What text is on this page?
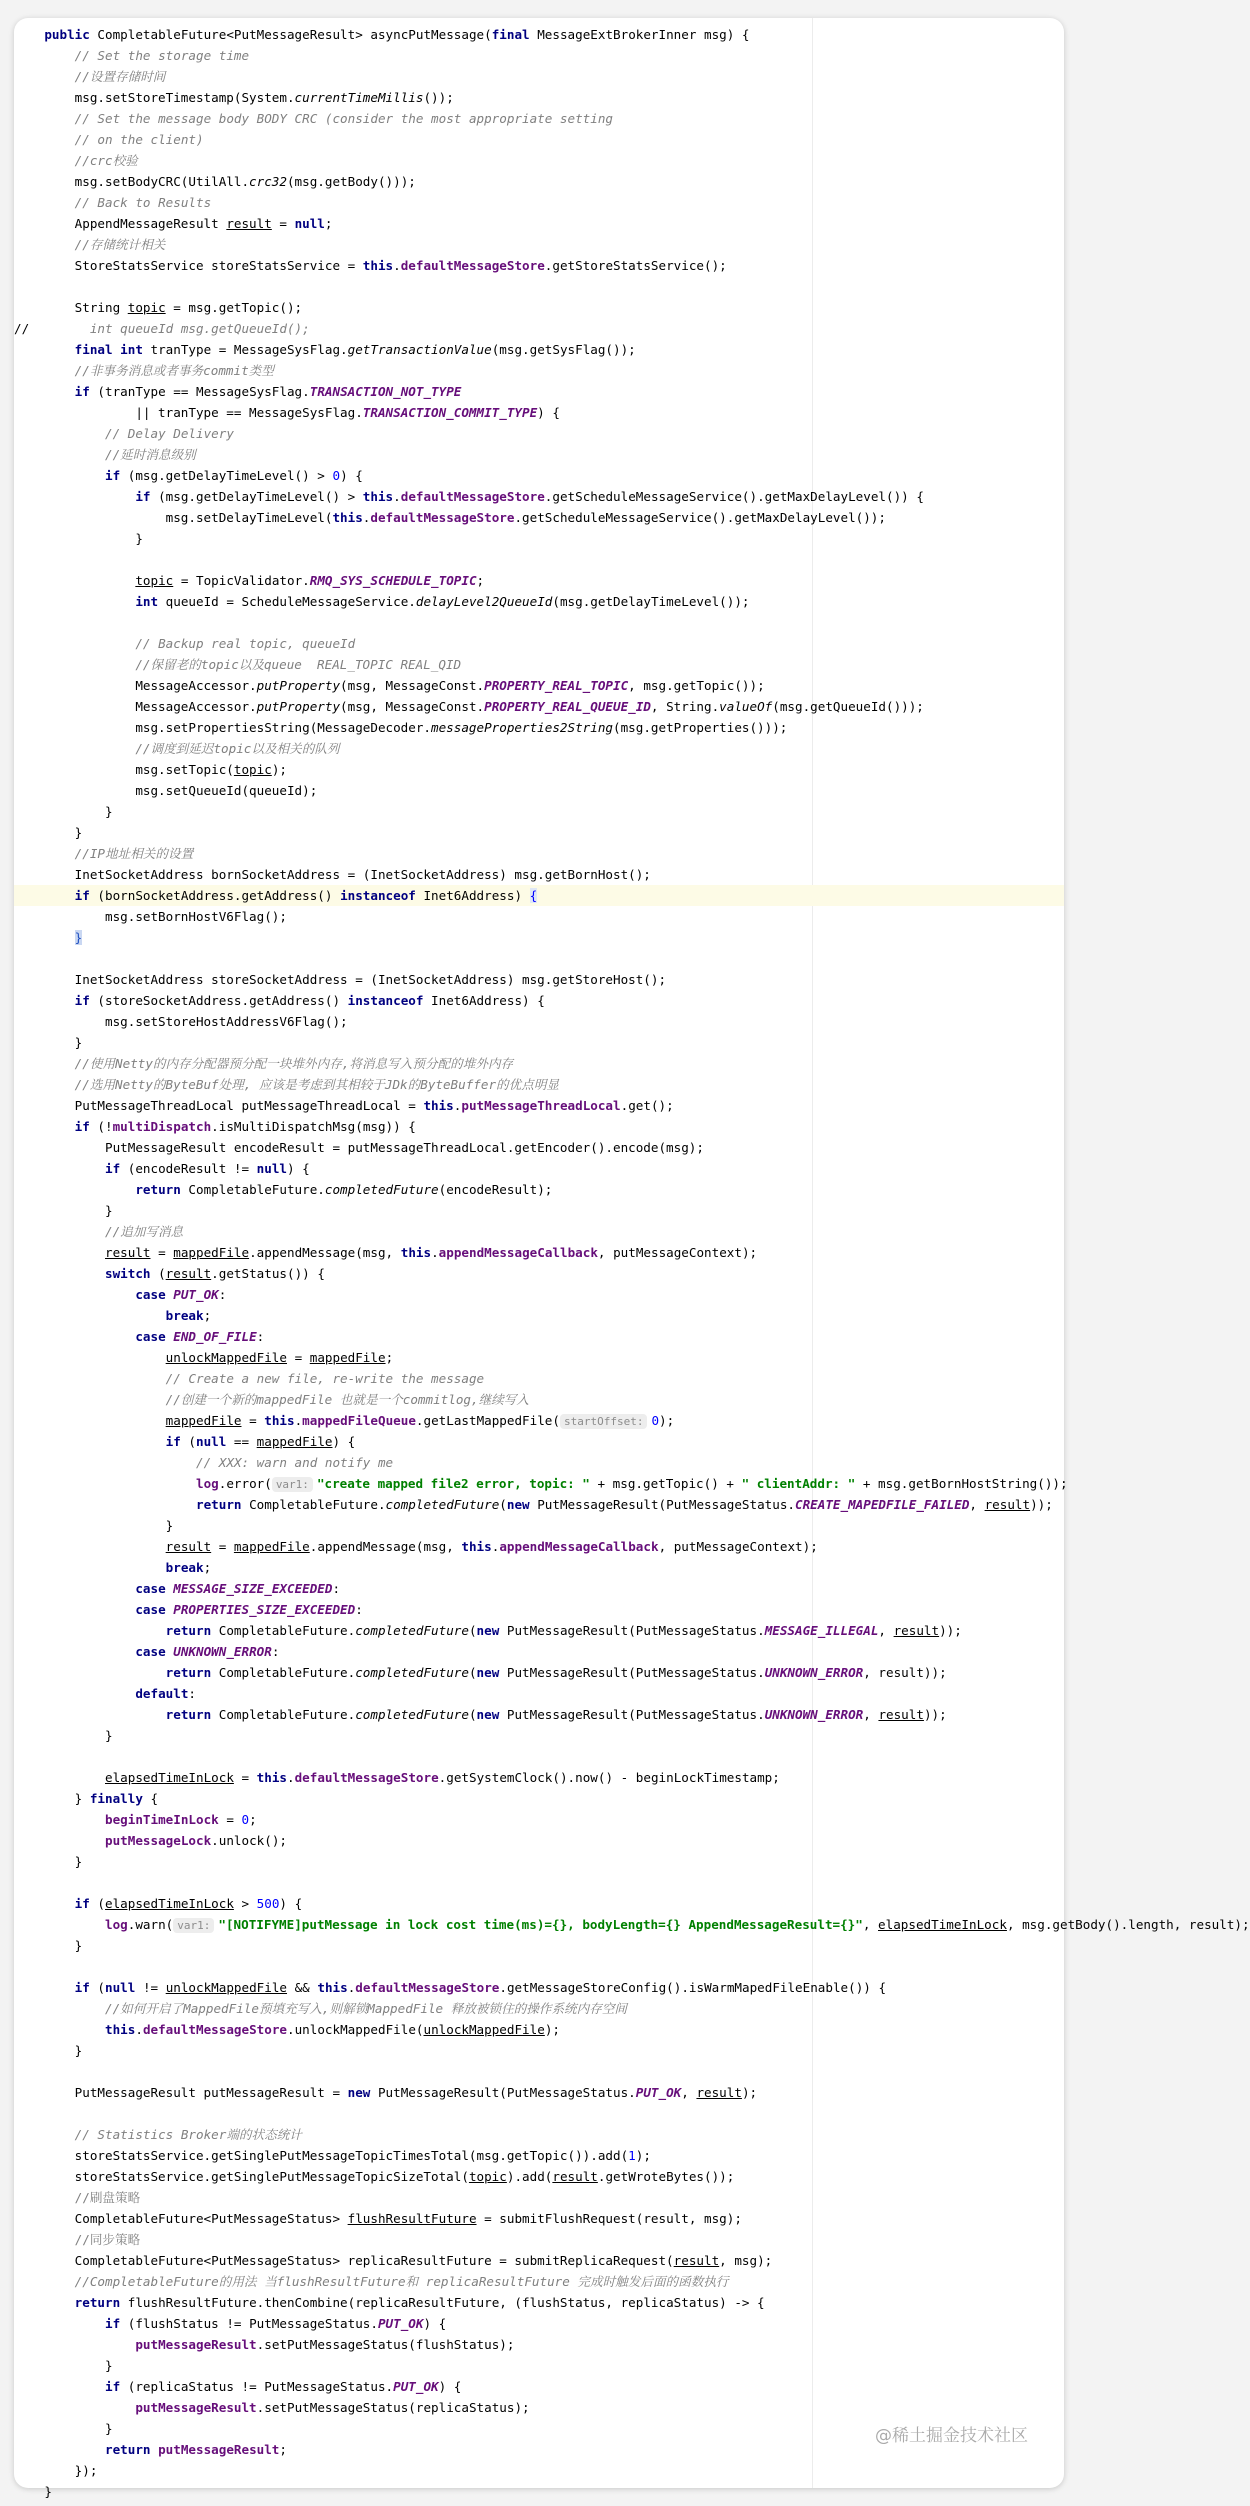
public CompletableFuture<PutMessageResult> asyncPutMessage(final MessageExtBrokerInner msg) {
// Set the storage time
//设置存储时间
msg.setStoreTimestamp(System.currentTimeMillis());
// Set the message body BODY CRC (consider the most appropriate setting
// on the client)
//crc校验
msg.setBodyCRC(UtilAll.crc32(msg.getBody()));
// Back to Results
AppendMessageResult result = null;
//存储统计相关
StoreStatsService storeStatsService = this.defaultMessageStore.getStoreStatsService();
String topic = msg.getTopic();
//        int queueId msg.getQueueId();
final int tranType = MessageSysFlag.getTransactionValue(msg.getSysFlag());
//非事务消息或者事务commit类型
if (tranType == MessageSysFlag.TRANSACTION_NOT_TYPE
|| tranType == MessageSysFlag.TRANSACTION_COMMIT_TYPE) {
// Delay Delivery
//延时消息级别
if (msg.getDelayTimeLevel() > 0) {
if (msg.getDelayTimeLevel() > this.defaultMessageStore.getScheduleMessageService().getMaxDelayLevel()) {
msg.setDelayTimeLevel(this.defaultMessageStore.getScheduleMessageService().getMaxDelayLevel());
}
topic = TopicValidator.RMQ_SYS_SCHEDULE_TOPIC;
int queueId = ScheduleMessageService.delayLevel2QueueId(msg.getDelayTimeLevel());
// Backup real topic, queueId
//保留老的topic以及queue  REAL_TOPIC REAL_QID
MessageAccessor.putProperty(msg, MessageConst.PROPERTY_REAL_TOPIC, msg.getTopic());
MessageAccessor.putProperty(msg, MessageConst.PROPERTY_REAL_QUEUE_ID, String.valueOf(msg.getQueueId()));
msg.setPropertiesString(MessageDecoder.messageProperties2String(msg.getProperties()));
//调度到延迟topic以及相关的队列
msg.setTopic(topic);
msg.setQueueId(queueId);
}
}
//IP地址相关的设置
InetSocketAddress bornSocketAddress = (InetSocketAddress) msg.getBornHost();
if (bornSocketAddress.getAddress() instanceof Inet6Address) {
msg.setBornHostV6Flag();
}
InetSocketAddress storeSocketAddress = (InetSocketAddress) msg.getStoreHost();
if (storeSocketAddress.getAddress() instanceof Inet6Address) {
msg.setStoreHostAddressV6Flag();
}
//使用Netty的内存分配器预分配一块堆外内存,将消息写入预分配的堆外内存
//选用Netty的ByteBuf处理, 应该是考虑到其相较于JDk的ByteBuffer的优点明显
PutMessageThreadLocal putMessageThreadLocal = this.putMessageThreadLocal.get();
if (!multiDispatch.isMultiDispatchMsg(msg)) {
PutMessageResult encodeResult = putMessageThreadLocal.getEncoder().encode(msg);
if (encodeResult != null) {
return CompletableFuture.completedFuture(encodeResult);
}
//追加写消息
result = mappedFile.appendMessage(msg, this.appendMessageCallback, putMessageContext);
switch (result.getStatus()) {
case PUT_OK:
break;
case END_OF_FILE:
unlockMappedFile = mappedFile;
// Create a new file, re-write the message
//创建一个新的mappedFile 也就是一个commitlog,继续写入
mappedFile = this.mappedFileQueue.getLastMappedFile( startOffset: 0);
if (null == mappedFile) {
// XXX: warn and notify me
log.error( var1: "create mapped file2 error, topic: " + msg.getTopic() + " clientAddr: " + msg.getBornHostString());
return CompletableFuture.completedFuture(new PutMessageResult(PutMessageStatus.CREATE_MAPEDFILE_FAILED, result));
}
result = mappedFile.appendMessage(msg, this.appendMessageCallback, putMessageContext);
break;
case MESSAGE_SIZE_EXCEEDED:
case PROPERTIES_SIZE_EXCEEDED:
return CompletableFuture.completedFuture(new PutMessageResult(PutMessageStatus.MESSAGE_ILLEGAL, result));
case UNKNOWN_ERROR:
return CompletableFuture.completedFuture(new PutMessageResult(PutMessageStatus.UNKNOWN_ERROR, result));
default:
return CompletableFuture.completedFuture(new PutMessageResult(PutMessageStatus.UNKNOWN_ERROR, result));
}
elapsedTimeInLock = this.defaultMessageStore.getSystemClock().now() - beginLockTimestamp;
} finally {
beginTimeInLock = 0;
putMessageLock.unlock();
}
if (elapsedTimeInLock > 500) {
log.warn( var1: "[NOTIFYME]putMessage in lock cost time(ms)={}, bodyLength={} AppendMessageResult={}", elapsedTimeInLock, msg.getBody().length, result);
}
if (null != unlockMappedFile && this.defaultMessageStore.getMessageStoreConfig().isWarmMapedFileEnable()) {
//如何开启了MappedFile预填充写入,则解锁MappedFile 释放被锁住的操作系统内存空间
this.defaultMessageStore.unlockMappedFile(unlockMappedFile);
}
PutMessageResult putMessageResult = new PutMessageResult(PutMessageStatus.PUT_OK, result);
// Statistics Broker端的状态统计
storeStatsService.getSinglePutMessageTopicTimesTotal(msg.getTopic()).add(1);
storeStatsService.getSinglePutMessageTopicSizeTotal(topic).add(result.getWroteBytes());
//刷盘策略
CompletableFuture<PutMessageStatus> flushResultFuture = submitFlushRequest(result, msg);
//同步策略
CompletableFuture<PutMessageStatus> replicaResultFuture = submitReplicaRequest(result, msg);
//CompletableFuture的用法 当flushResultFuture和 replicaResultFuture 完成时触发后面的函数执行
return flushResultFuture.thenCombine(replicaResultFuture, (flushStatus, replicaStatus) -> {
if (flushStatus != PutMessageStatus.PUT_OK) {
putMessageResult.setPutMessageStatus(flushStatus);
}
if (replicaStatus != PutMessageStatus.PUT_OK) {
putMessageResult.setPutMessageStatus(replicaStatus);
}
return putMessageResult;
});
}
@稀土掘金技术社区
